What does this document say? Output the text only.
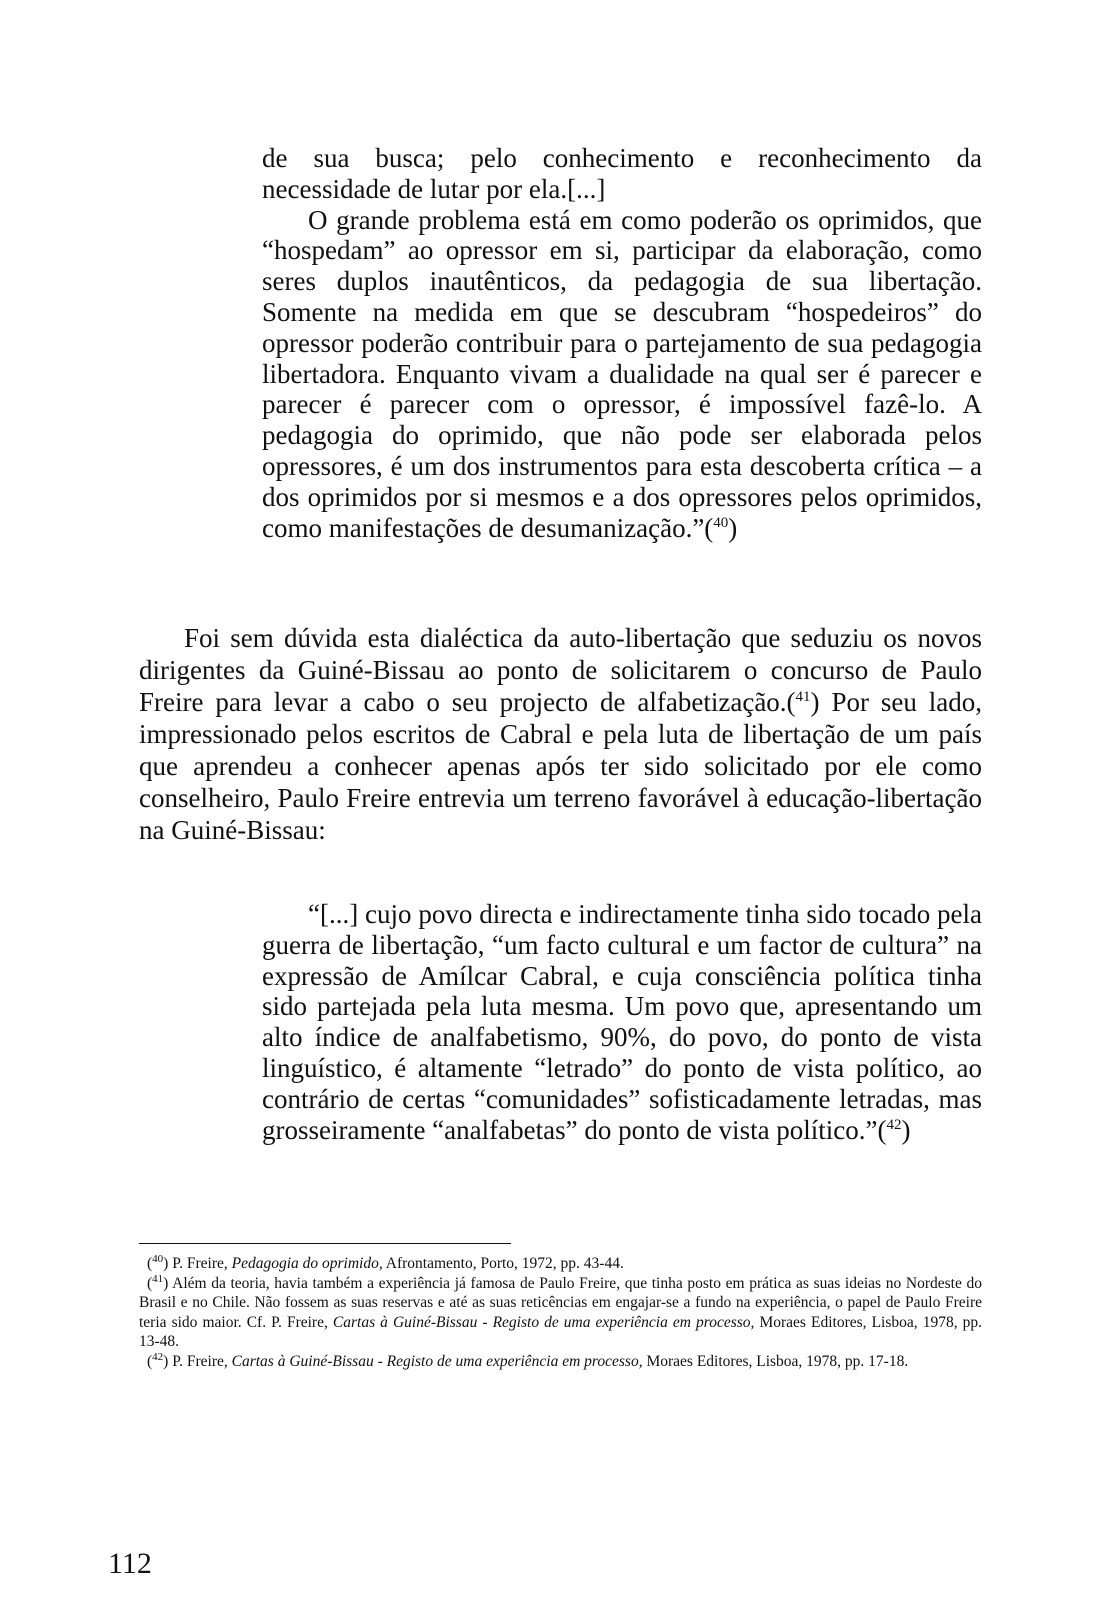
de sua busca; pelo conhecimento e reconhecimento da necessidade de lutar por ela.[...]

O grande problema está em como poderão os oprimidos, que “hospedam” ao opressor em si, participar da elaboração, como seres duplos inautênticos, da pedagogia de sua libertação. Somente na medida em que se descubram “hospedeiros” do opressor poderão contribuir para o partejamento de sua pedagogia libertadora. Enquanto vivam a dualidade na qual ser é parecer e parecer é parecer com o opressor, é impossível fazê-lo. A pedagogia do oprimido, que não pode ser elaborada pelos opressores, é um dos instrumentos para esta descoberta crítica – a dos oprimidos por si mesmos e a dos opressores pelos oprimidos, como manifestações de desumanização.”($^{40}$)

Foi sem dúvida esta dialéctica da auto-libertação que seduziu os novos dirigentes da Guiné-Bissau ao ponto de solicitarem o concurso de Paulo Freire para levar a cabo o seu projecto de alfabetização.($^{41}$) Por seu lado, impressionado pelos escritos de Cabral e pela luta de libertação de um país que aprendeu a conhecer apenas após ter sido solicitado por ele como conselheiro, Paulo Freire entrevia um terreno favorável à educação-libertação na Guiné-Bissau:

“[...] cujo povo directa e indirectamente tinha sido tocado pela guerra de libertação, “um facto cultural e um factor de cultura” na expressão de Amílcar Cabral, e cuja consciência política tinha sido partejada pela luta mesma. Um povo que, apresentando um alto índice de analfabetismo, 90%, do povo, do ponto de vista linguístico, é altamente “letrado” do ponto de vista político, ao contrário de certas “comunidades” sofisticadamente letradas, mas grosseiramente “analfabetas” do ponto de vista político.”($^{42}$)

($^{40}$) P. Freire, Pedagogia do oprimido, Afrontamento, Porto, 1972, pp. 43-44.

($^{41}$) Além da teoria, havia também a experiência já famosa de Paulo Freire, que tinha posto em prática as suas ideias no Nordeste do Brasil e no Chile. Não fossem as suas reservas e até as suas reticências em engajar-se a fundo na experiência, o papel de Paulo Freire teria sido maior. Cf. P. Freire, Cartas à Guiné-Bissau - Registo de uma experiência em processo, Moraes Editores, Lisboa, 1978, pp. 13-48.

($^{42}$) P. Freire, Cartas à Guiné-Bissau - Registo de uma experiência em processo, Moraes Editores, Lisboa, 1978, pp. 17-18.

112
